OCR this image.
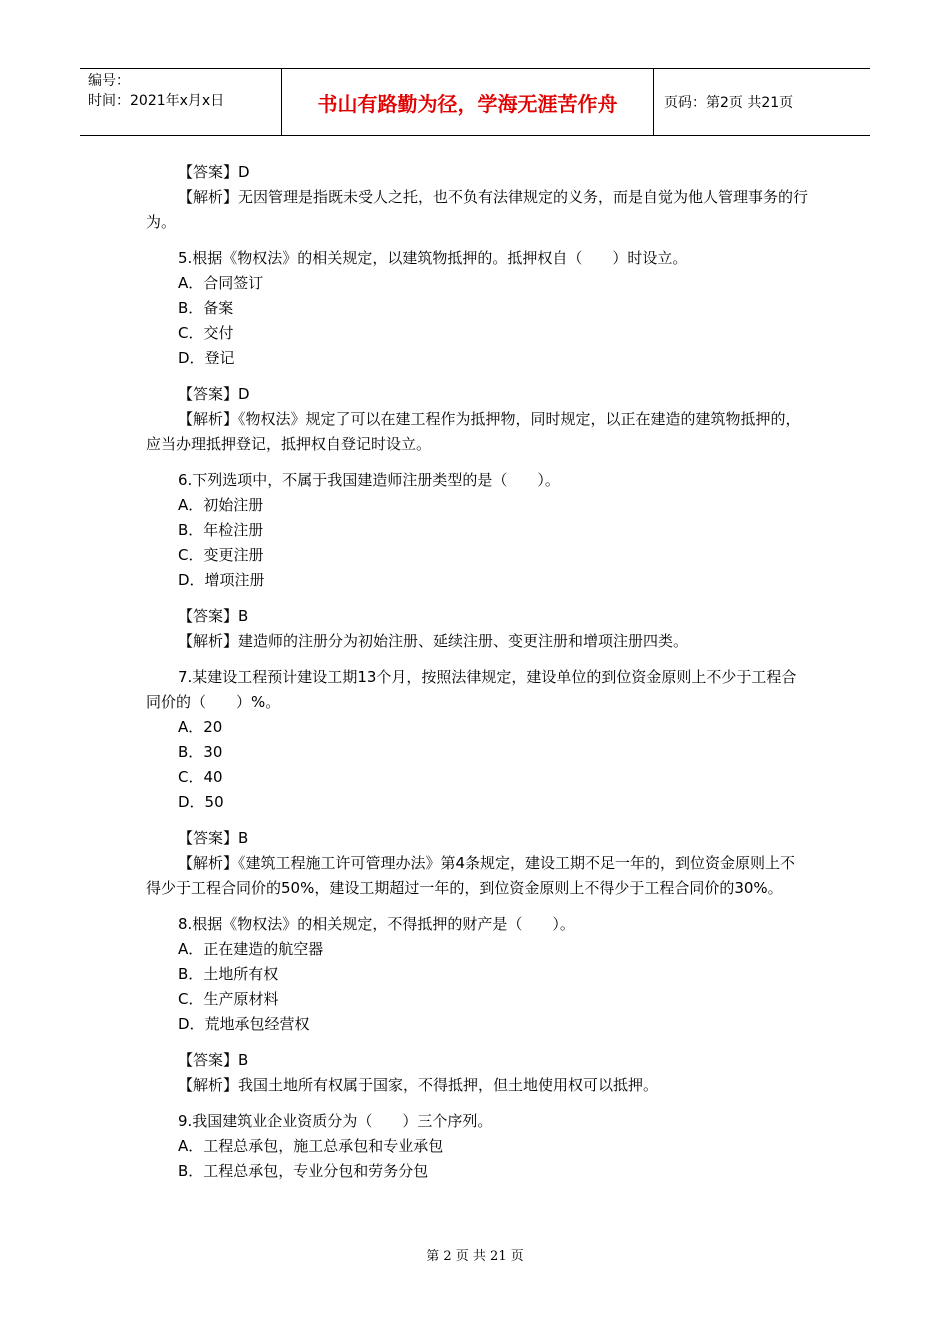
编号：
时间：2021年x月x日	书山有路勤为径，学海无涯苦作舟	页码：第2页 共21页

【答案】D

【解析】无因管理是指既未受人之托，也不负有法律规定的义务，而是自觉为他人管理事务的行为。

5.根据《物权法》的相关规定，以建筑物抵押的。抵押权自（　　）时设立。

A．合同签订

B．备案

C．交付

D．登记

【答案】D

【解析】《物权法》规定了可以在建工程作为抵押物，同时规定，以正在建造的建筑物抵押的，应当办理抵押登记，抵押权自登记时设立。

6.下列选项中，不属于我国建造师注册类型的是（　　）。

A．初始注册

B．年检注册

C．变更注册

D．增项注册

【答案】B

【解析】建造师的注册分为初始注册、延续注册、变更注册和增项注册四类。

7.某建设工程预计建设工期13个月，按照法律规定，建设单位的到位资金原则上不少于工程合同价的（　　）%。

A．20

B．30

C．40

D．50

【答案】B

【解析】《建筑工程施工许可管理办法》第4条规定，建设工期不足一年的，到位资金原则上不得少于工程合同价的50%，建设工期超过一年的，到位资金原则上不得少于工程合同价的30%。

8.根据《物权法》的相关规定，不得抵押的财产是（　　）。

A．正在建造的航空器

B．土地所有权

C．生产原材料

D．荒地承包经营权

【答案】B

【解析】我国土地所有权属于国家，不得抵押，但土地使用权可以抵押。

9.我国建筑业企业资质分为（　　）三个序列。

A．工程总承包，施工总承包和专业承包

B．工程总承包，专业分包和劳务分包

第 2 页 共 21 页
